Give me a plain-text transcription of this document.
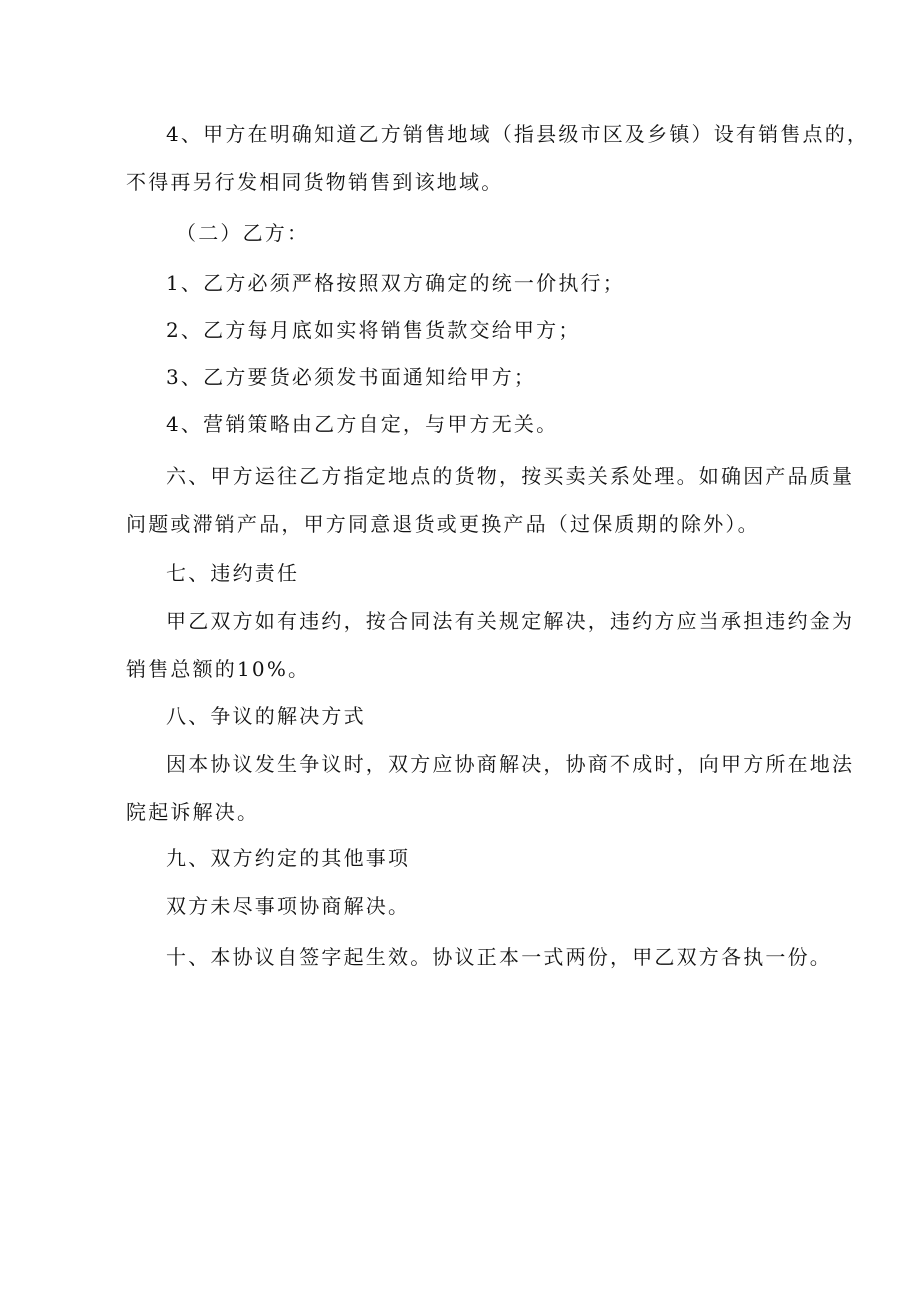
4、甲方在明确知道乙方销售地域（指县级市区及乡镇）设有销售点的，
不得再另行发相同货物销售到该地域。
（二）乙方：
1、乙方必须严格按照双方确定的统一价执行；
2、乙方每月底如实将销售货款交给甲方；
3、乙方要货必须发书面通知给甲方；
4、营销策略由乙方自定，与甲方无关。
六、甲方运往乙方指定地点的货物，按买卖关系处理。如确因产品质量
问题或滞销产品，甲方同意退货或更换产品（过保质期的除外）。
七、违约责任
甲乙双方如有违约，按合同法有关规定解决，违约方应当承担违约金为
销售总额的10%。
八、争议的解决方式
因本协议发生争议时，双方应协商解决，协商不成时，向甲方所在地法
院起诉解决。
九、双方约定的其他事项
双方未尽事项协商解决。
十、本协议自签字起生效。协议正本一式两份，甲乙双方各执一份。
